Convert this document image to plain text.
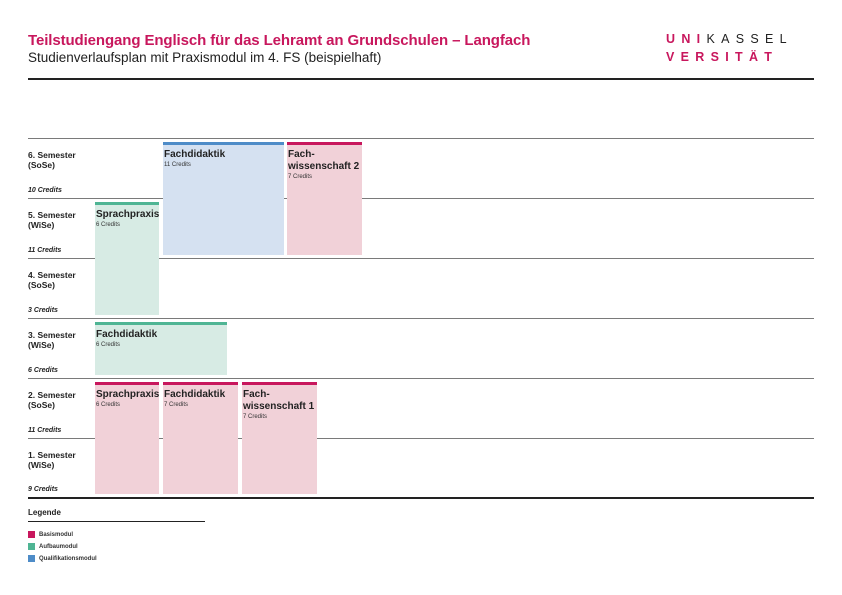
Teilstudiengang Englisch für das Lehramt an Grundschulen – Langfach
Studienverlaufsplan mit Praxismodul im 4. FS (beispielhaft)
UNIKASSEL
VERSITÄT
6. Semester
(SoSe)
10 Credits
5. Semester
(WiSe)
11 Credits
4. Semester
(SoSe)
3 Credits
3. Semester
(WiSe)
6 Credits
2. Semester
(SoSe)
11 Credits
1. Semester
(WiSe)
9 Credits
Sprachpraxis
6 Credits
Fachdidaktik
7 Credits
Fach-
wissenschaft 1
7 Credits
Fachdidaktik
6 Credits
Sprachpraxis
6 Credits
Fachdidaktik
11 Credits
Fach-
wissenschaft 2
7 Credits
Legende
Basismodul
Aufbaumodul
Qualifikationsmodul
